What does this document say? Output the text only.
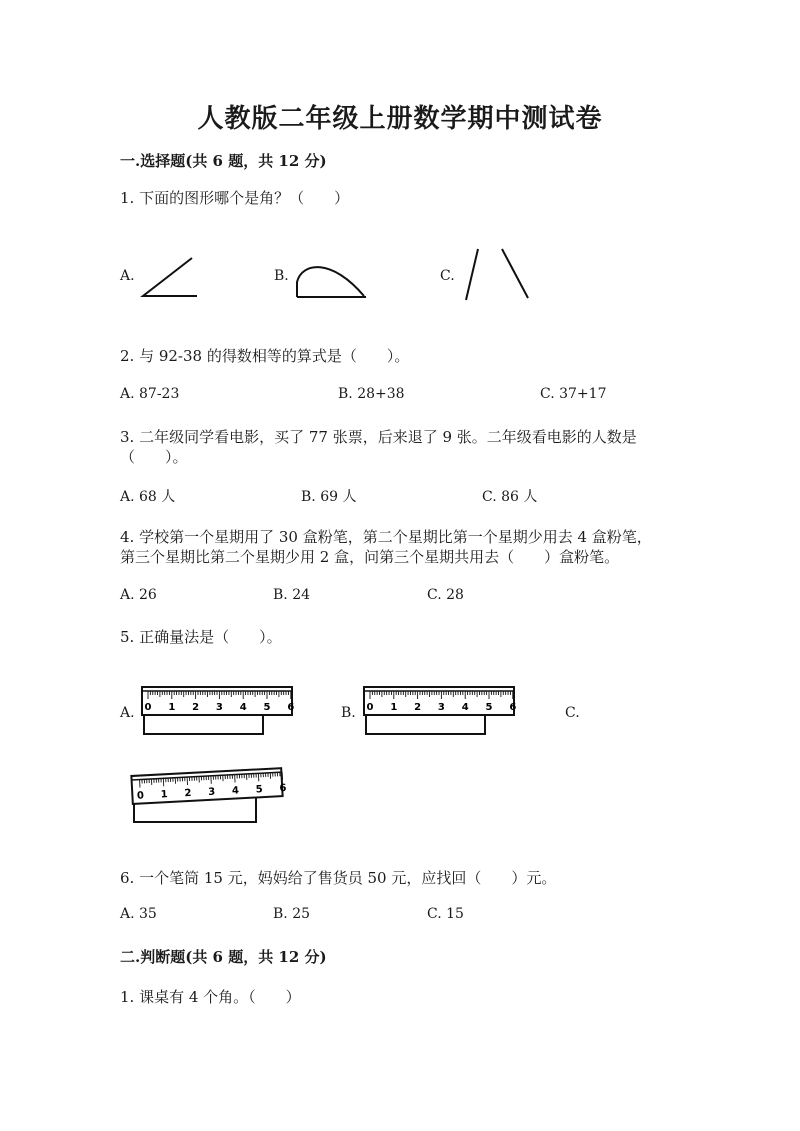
人教版二年级上册数学期中测试卷
一.选择题(共 6 题，共 12 分)
1. 下面的图形哪个是角？（　　）
A.	B.	C.
2. 与 92-38 的得数相等的算式是（　　）。
A. 87-23	B. 28+38	C. 37+17
3. 二年级同学看电影，买了 77 张票，后来退了 9 张。二年级看电影的人数是
（　　）。
A. 68 人	B. 69 人	C. 86 人
4. 学校第一个星期用了 30 盒粉笔，第二个星期比第一个星期少用去 4 盒粉笔，
第三个星期比第二个星期少用 2 盒，问第三个星期共用去（　　）盒粉笔。
A. 26	B. 24	C. 28
5. 正确量法是（　　）。
A.	B.	C.
0 1 2 3 4 5 6	0 1 2 3 4 5 6
0 1 2 3 4 5 6
6. 一个笔筒 15 元，妈妈给了售货员 50 元，应找回（　　）元。
A. 35	B. 25	C. 15
二.判断题(共 6 题，共 12 分)
1. 课桌有 4 个角。（　　）
